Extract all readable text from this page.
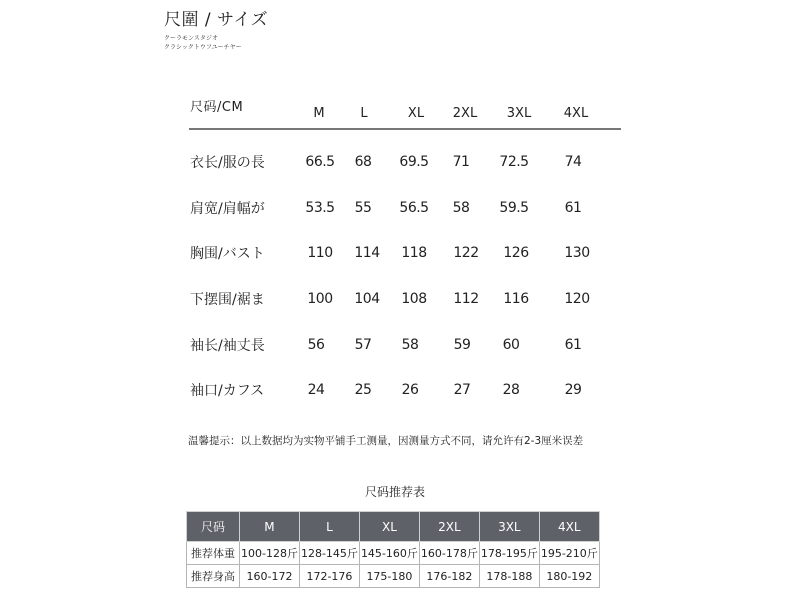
尺圍 / サイズ
クーラモンスタジオ
クラシックトウフユーチヤー
尺码/CM	M	L	XL	2XL	3XL	4XL
衣长/服の長	66.5	68	69.5	71	72.5	74
肩宽/肩幅が	53.5	55	56.5	58	59.5	61
胸围/バスト	110	114	118	122	126	130
下摆围/裾ま	100	104	108	112	116	120
袖长/袖丈長	56	57	58	59	60	61
袖口/カフス	24	25	26	27	28	29
温馨提示：以上数据均为实物平铺手工测量，因测量方式不同，请允许有2-3厘米误差
尺码推荐表
尺码	M	L	XL	2XL	3XL	4XL
推荐体重	100-128斤	128-145斤	145-160斤	160-178斤	178-195斤	195-210斤
推荐身高	160-172	172-176	175-180	176-182	178-188	180-192
